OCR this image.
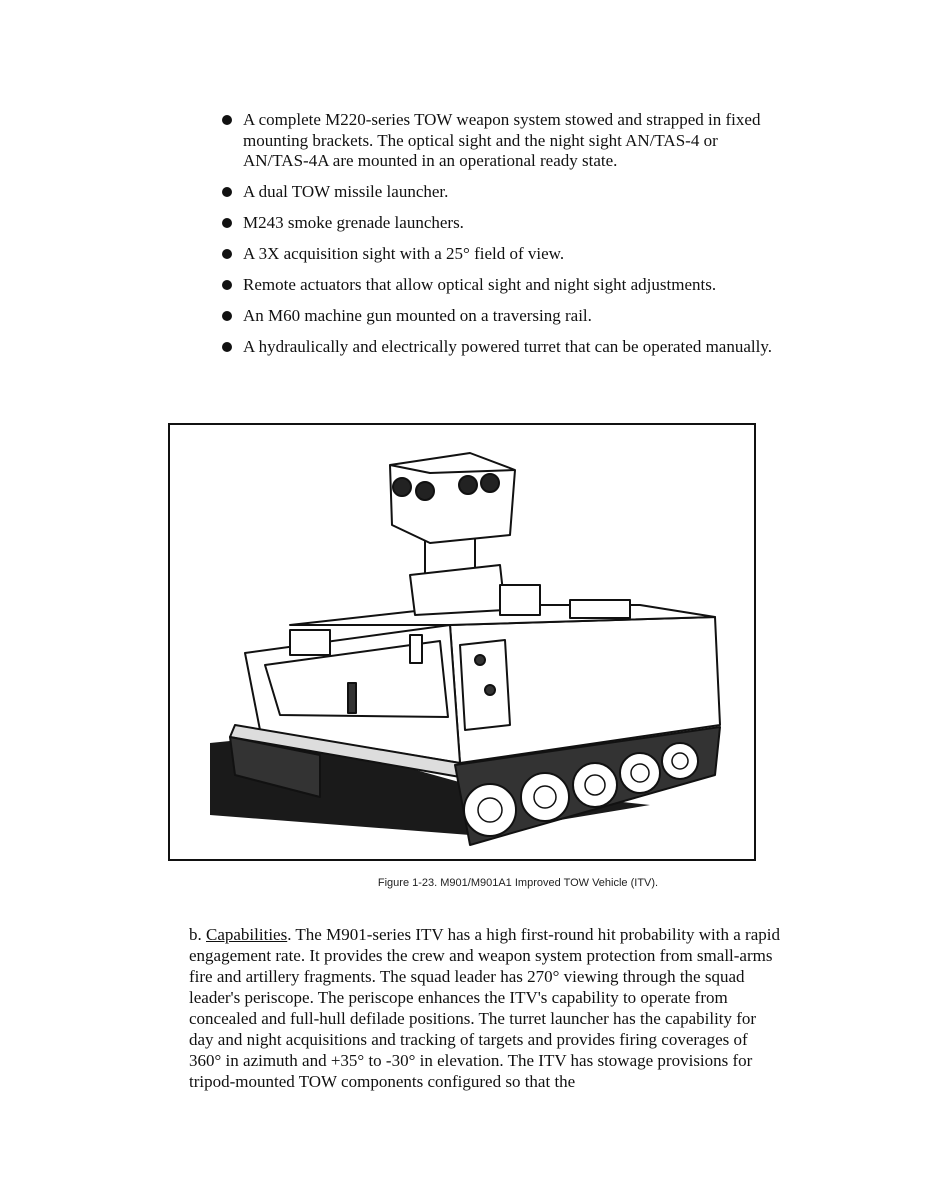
A complete M220-series TOW weapon system stowed and strapped in fixed mounting brackets. The optical sight and the night sight AN/TAS-4 or AN/TAS-4A are mounted in an operational ready state.
A dual TOW missile launcher.
M243 smoke grenade launchers.
A 3X acquisition sight with a 25° field of view.
Remote actuators that allow optical sight and night sight adjustments.
An M60 machine gun mounted on a traversing rail.
A hydraulically and electrically powered turret that can be operated manually.
Figure 1-23. M901/M901A1 Improved TOW Vehicle (ITV).

b. Capabilities. The M901-series ITV has a high first-round hit probability with a rapid engagement rate. It provides the crew and weapon system protection from small-arms fire and artillery fragments. The squad leader has 270° viewing through the squad leader's periscope. The periscope enhances the ITV's capability to operate from concealed and full-hull defilade positions. The turret launcher has the capability for day and night acquisitions and tracking of targets and provides firing coverages of 360° in azimuth and +35° to -30° in elevation. The ITV has stowage provisions for tripod-mounted TOW components configured so that the
